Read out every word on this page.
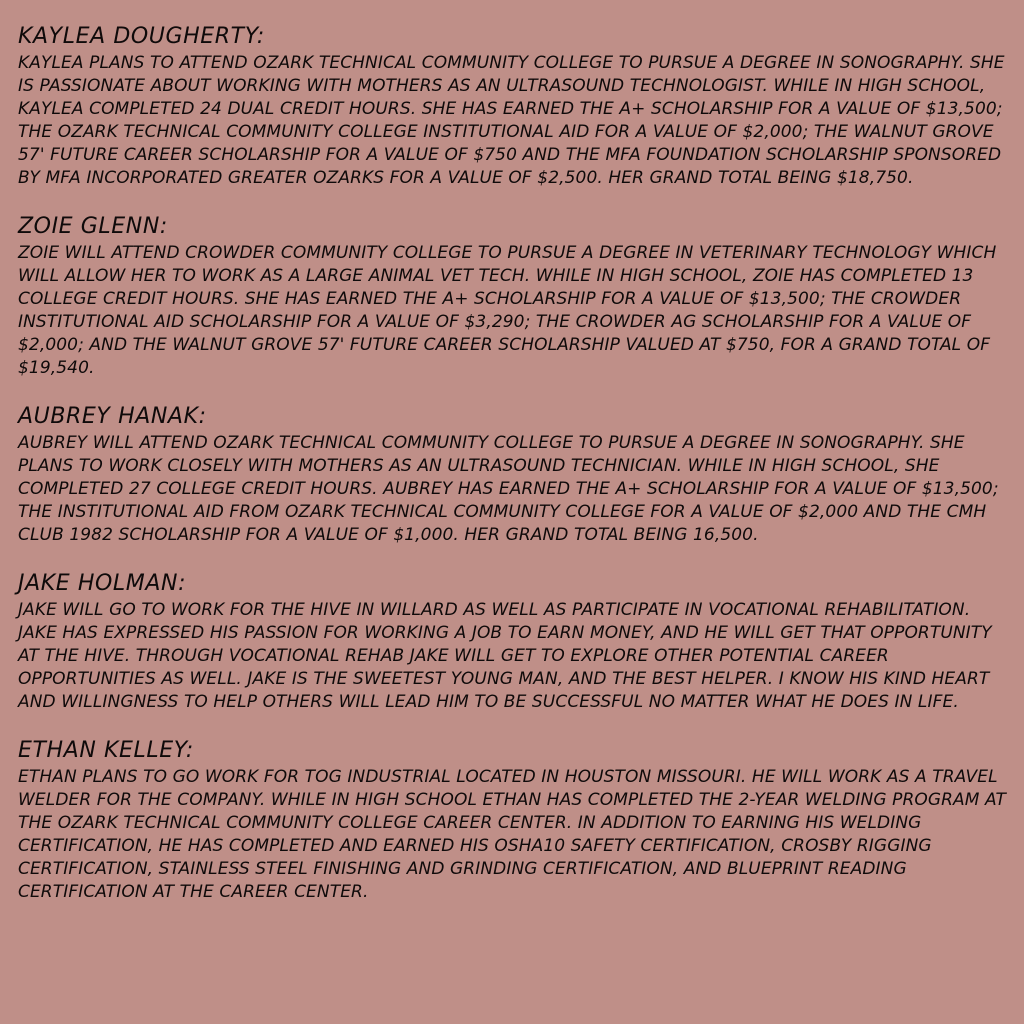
KAYLEA DOUGHERTY:

KAYLEA PLANS TO ATTEND OZARK TECHNICAL COMMUNITY COLLEGE TO PURSUE A DEGREE IN SONOGRAPHY. SHE IS PASSIONATE ABOUT WORKING WITH MOTHERS AS AN ULTRASOUND TECHNOLOGIST. WHILE IN HIGH SCHOOL, KAYLEA COMPLETED 24 DUAL CREDIT HOURS. SHE HAS EARNED THE A+ SCHOLARSHIP FOR A VALUE OF $13,500; THE OZARK TECHNICAL COMMUNITY COLLEGE INSTITUTIONAL AID FOR A VALUE OF $2,000; THE WALNUT GROVE 57' FUTURE CAREER SCHOLARSHIP FOR A VALUE OF $750 AND THE MFA FOUNDATION SCHOLARSHIP SPONSORED BY MFA INCORPORATED GREATER OZARKS FOR A VALUE OF $2,500. HER GRAND TOTAL BEING $18,750.

ZOIE GLENN:

ZOIE WILL ATTEND CROWDER COMMUNITY COLLEGE TO PURSUE A DEGREE IN VETERINARY TECHNOLOGY WHICH WILL ALLOW HER TO WORK AS A LARGE ANIMAL VET TECH. WHILE IN HIGH SCHOOL, ZOIE HAS COMPLETED 13 COLLEGE CREDIT HOURS. SHE HAS EARNED THE A+ SCHOLARSHIP FOR A VALUE OF $13,500; THE CROWDER INSTITUTIONAL AID SCHOLARSHIP FOR A VALUE OF $3,290; THE CROWDER AG SCHOLARSHIP FOR A VALUE OF $2,000; AND THE WALNUT GROVE 57' FUTURE CAREER SCHOLARSHIP VALUED AT $750, FOR A GRAND TOTAL OF $19,540.

AUBREY HANAK:

AUBREY WILL ATTEND OZARK TECHNICAL COMMUNITY COLLEGE TO PURSUE A DEGREE IN SONOGRAPHY. SHE PLANS TO WORK CLOSELY WITH MOTHERS AS AN ULTRASOUND TECHNICIAN. WHILE IN HIGH SCHOOL, SHE COMPLETED 27 COLLEGE CREDIT HOURS. AUBREY HAS EARNED THE A+ SCHOLARSHIP FOR A VALUE OF $13,500; THE INSTITUTIONAL AID FROM OZARK TECHNICAL COMMUNITY COLLEGE FOR A VALUE OF $2,000 AND THE CMH CLUB 1982 SCHOLARSHIP FOR A VALUE OF $1,000. HER GRAND TOTAL BEING 16,500.

JAKE HOLMAN:

JAKE WILL GO TO WORK FOR THE HIVE IN WILLARD AS WELL AS PARTICIPATE IN VOCATIONAL REHABILITATION. JAKE HAS EXPRESSED HIS PASSION FOR WORKING A JOB TO EARN MONEY, AND HE WILL GET THAT OPPORTUNITY AT THE HIVE. THROUGH VOCATIONAL REHAB JAKE WILL GET TO EXPLORE OTHER POTENTIAL CAREER OPPORTUNITIES AS WELL. JAKE IS THE SWEETEST YOUNG MAN, AND THE BEST HELPER. I KNOW HIS KIND HEART AND WILLINGNESS TO HELP OTHERS WILL LEAD HIM TO BE SUCCESSFUL NO MATTER WHAT HE DOES IN LIFE.

ETHAN KELLEY:

ETHAN PLANS TO GO WORK FOR TOG INDUSTRIAL LOCATED IN HOUSTON MISSOURI. HE WILL WORK AS A TRAVEL WELDER FOR THE COMPANY. WHILE IN HIGH SCHOOL ETHAN HAS COMPLETED THE 2-YEAR WELDING PROGRAM AT THE OZARK TECHNICAL COMMUNITY COLLEGE CAREER CENTER. IN ADDITION TO EARNING HIS WELDING CERTIFICATION, HE HAS COMPLETED AND EARNED HIS OSHA10 SAFETY CERTIFICATION, CROSBY RIGGING CERTIFICATION, STAINLESS STEEL FINISHING AND GRINDING CERTIFICATION, AND BLUEPRINT READING CERTIFICATION AT THE CAREER CENTER.
